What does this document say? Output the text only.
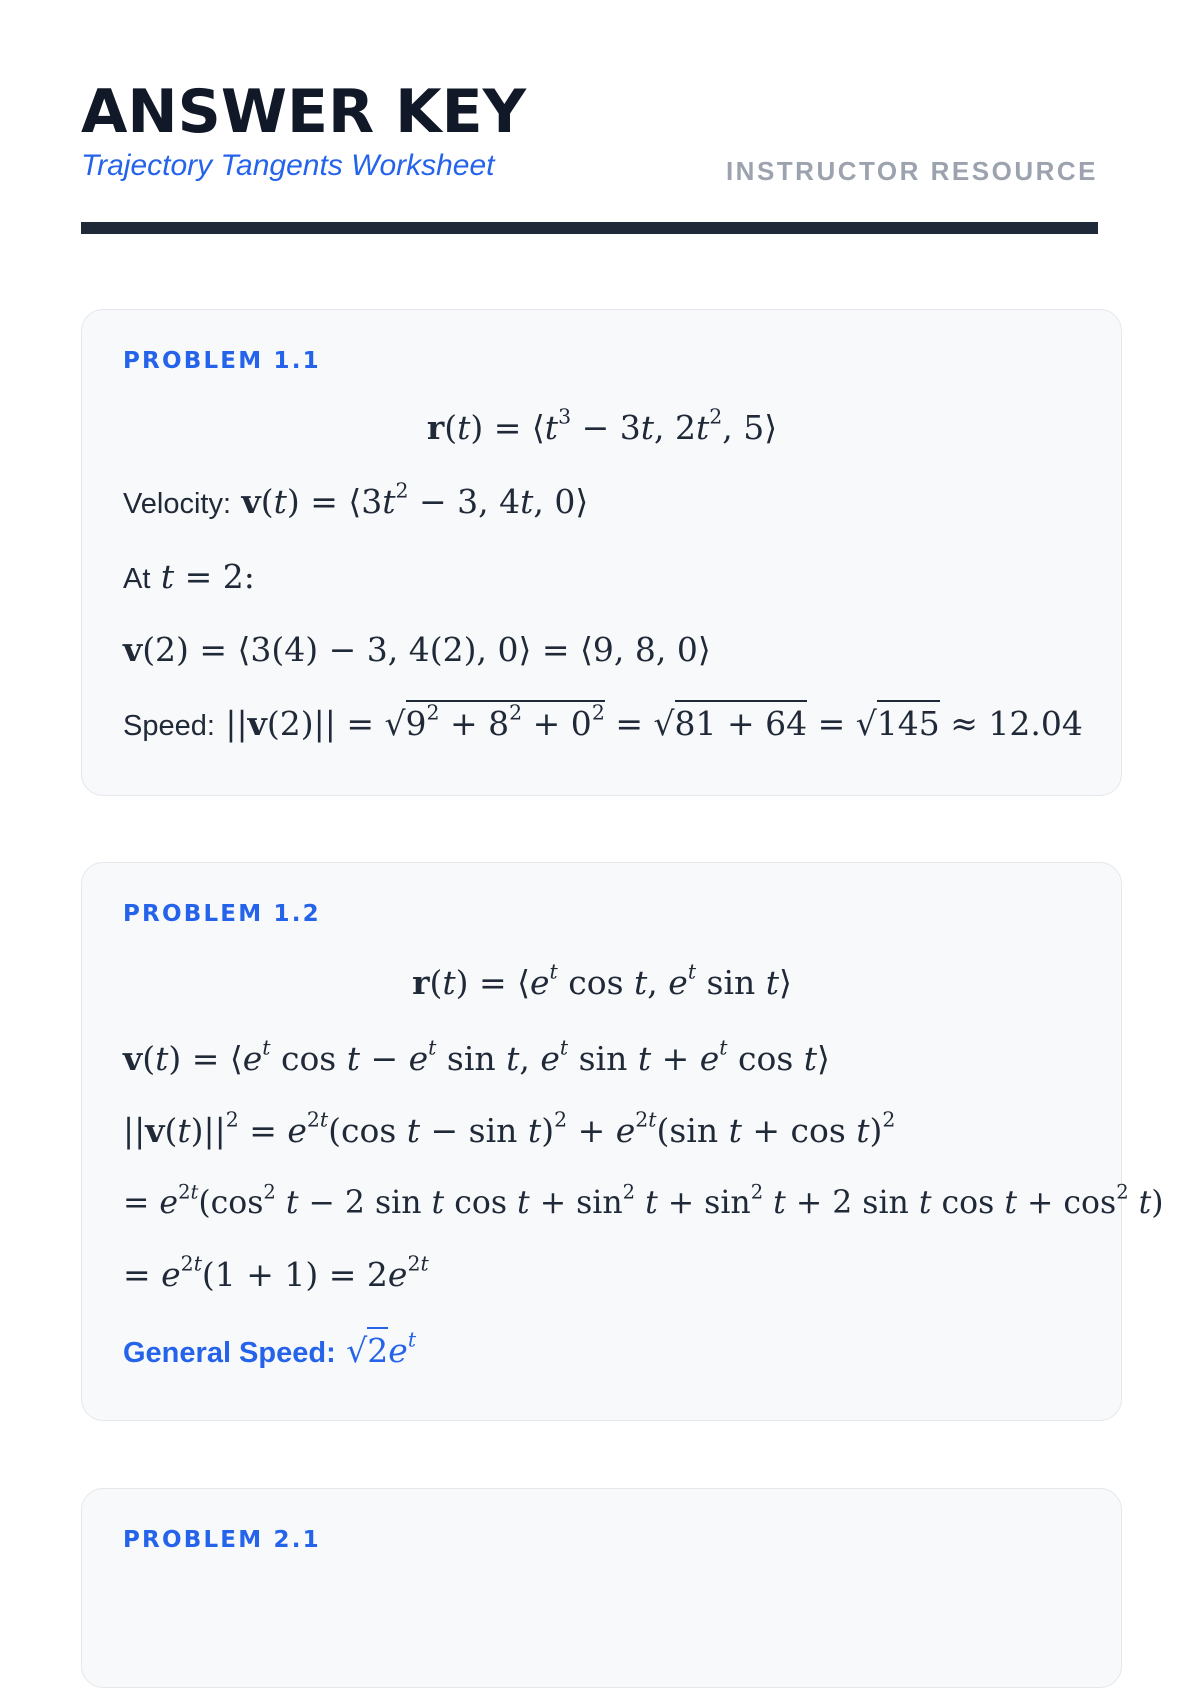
ANSWER KEY
Trajectory Tangents Worksheet	INSTRUCTOR RESOURCE
PROBLEM 1.1
$r(t) = ⟨t^3 - 3t$, $2t^2$, 5⟩
Velocity: $v(t) = ⟨3t^2 - 3$, 4t, 0⟩
At t = 2:
v(2) = ⟨3(4) − 3, 4(2), 0⟩ = ⟨9, 8, 0⟩
Speed: $||v(2)|| = √9^2 + 8^2 + 0^2 = √81 + 64 = √145 \approx 12.04$
PROBLEM 1.2
$r(t) = ⟨e^t$ cos t, $e^t$ sin t⟩
$v(t) = ⟨e^t$ $\cos t - e^t$ sin t, $e^t$ $\sin t + e^t$ cos t⟩
$||v(t)||^2 = e^{2t}(\cos$ $t - \sin t)^2 + e^{2t}(\sin$ t + cos t)$^2$
= $e^{2t}(\cos^2$ t − 2 sin t $\cos t + \sin^2 t + \sin^2 t + 2$ sin t $\cos t + \cos^2 t$)
= $e^{2t}(1 + 1) = 2e^{2t}$
General Speed: $√2e^t$
PROBLEM 2.1
